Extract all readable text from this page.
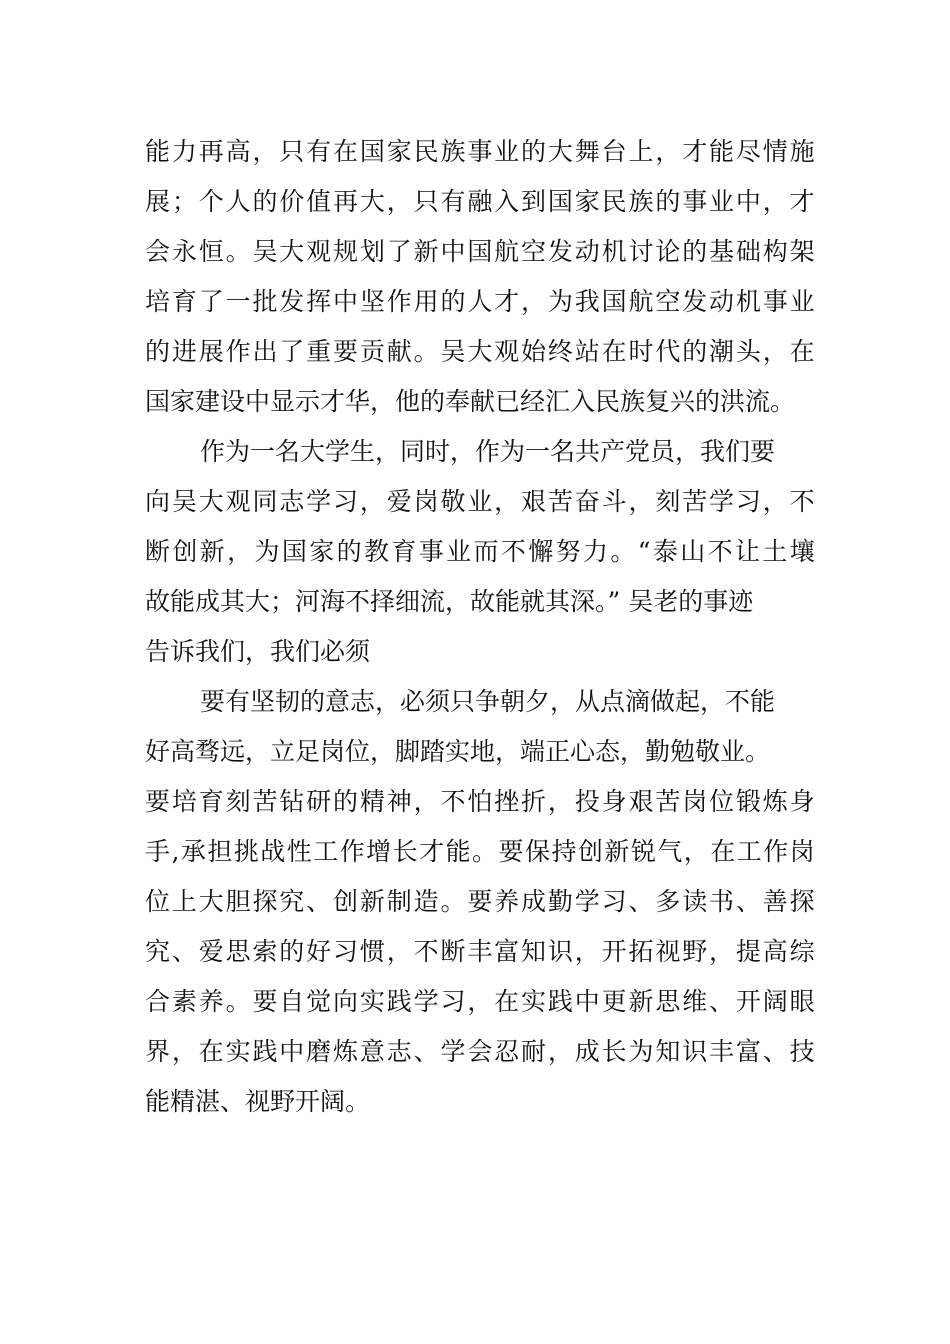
能 力 再 高 ， 只 有 在 国 家 民 族 事 业 的 大 舞 台 上 ， 才 能 尽 情 施
展 ； 个 人 的 价 值 再 大 ， 只 有 融 入 到 国 家 民 族 的 事 业 中 ， 才
会 永 恒 。 吴 大 观 规 划 了 新 中 国 航 空 发 动 机 讨 论 的 基 础 构 架
培 育 了 一 批 发 挥 中 坚 作 用 的 人 才 ， 为 我 国 航 空 发 动 机 事 业
的 进 展 作 出 了 重 要 贡 献 。 吴 大 观 始 终 站 在 时 代 的 潮 头 ， 在
国家建设中显示才华，他的奉献已经汇入民族复兴的洪流。
作为一名大学生，同时，作为一名共产党员，我们要
向 吴 大 观 同 志 学 习 ， 爱 岗 敬 业 ， 艰 苦 奋 斗 ， 刻 苦 学 习 ， 不
断 创 新 ， 为 国 家 的 教 育 事 业 而 不 懈 努 力 。 “ 泰 山 不 让 土 壤
故能成其大；河海不择细流，故能就其深。” 吴老的事迹
告诉我们，我们必须
要有坚韧的意志，必须只争朝夕，从点滴做起，不能
好高骛远，立足岗位，脚踏实地，端正心态，勤勉敬业。
要 培 育 刻 苦 钻 研 的 精 神 ， 不 怕 挫 折 ， 投 身 艰 苦 岗 位 锻 炼 身
手 , 承 担 挑 战 性 工 作 增 长 才 能 。 要 保 持 创 新 锐 气 ， 在 工 作 岗
位 上 大 胆 探 究 、 创 新 制 造 。 要 养 成 勤 学 习 、 多 读 书 、 善 探
究 、 爱 思 索 的 好 习 惯 ， 不 断 丰 富 知 识 ， 开 拓 视 野 ， 提 高 综
合 素 养 。 要 自 觉 向 实 践 学 习 ， 在 实 践 中 更 新 思 维 、 开 阔 眼
界 ， 在 实 践 中 磨 炼 意 志 、 学 会 忍 耐 ， 成 长 为 知 识 丰 富 、 技
能精湛、视野开阔。
